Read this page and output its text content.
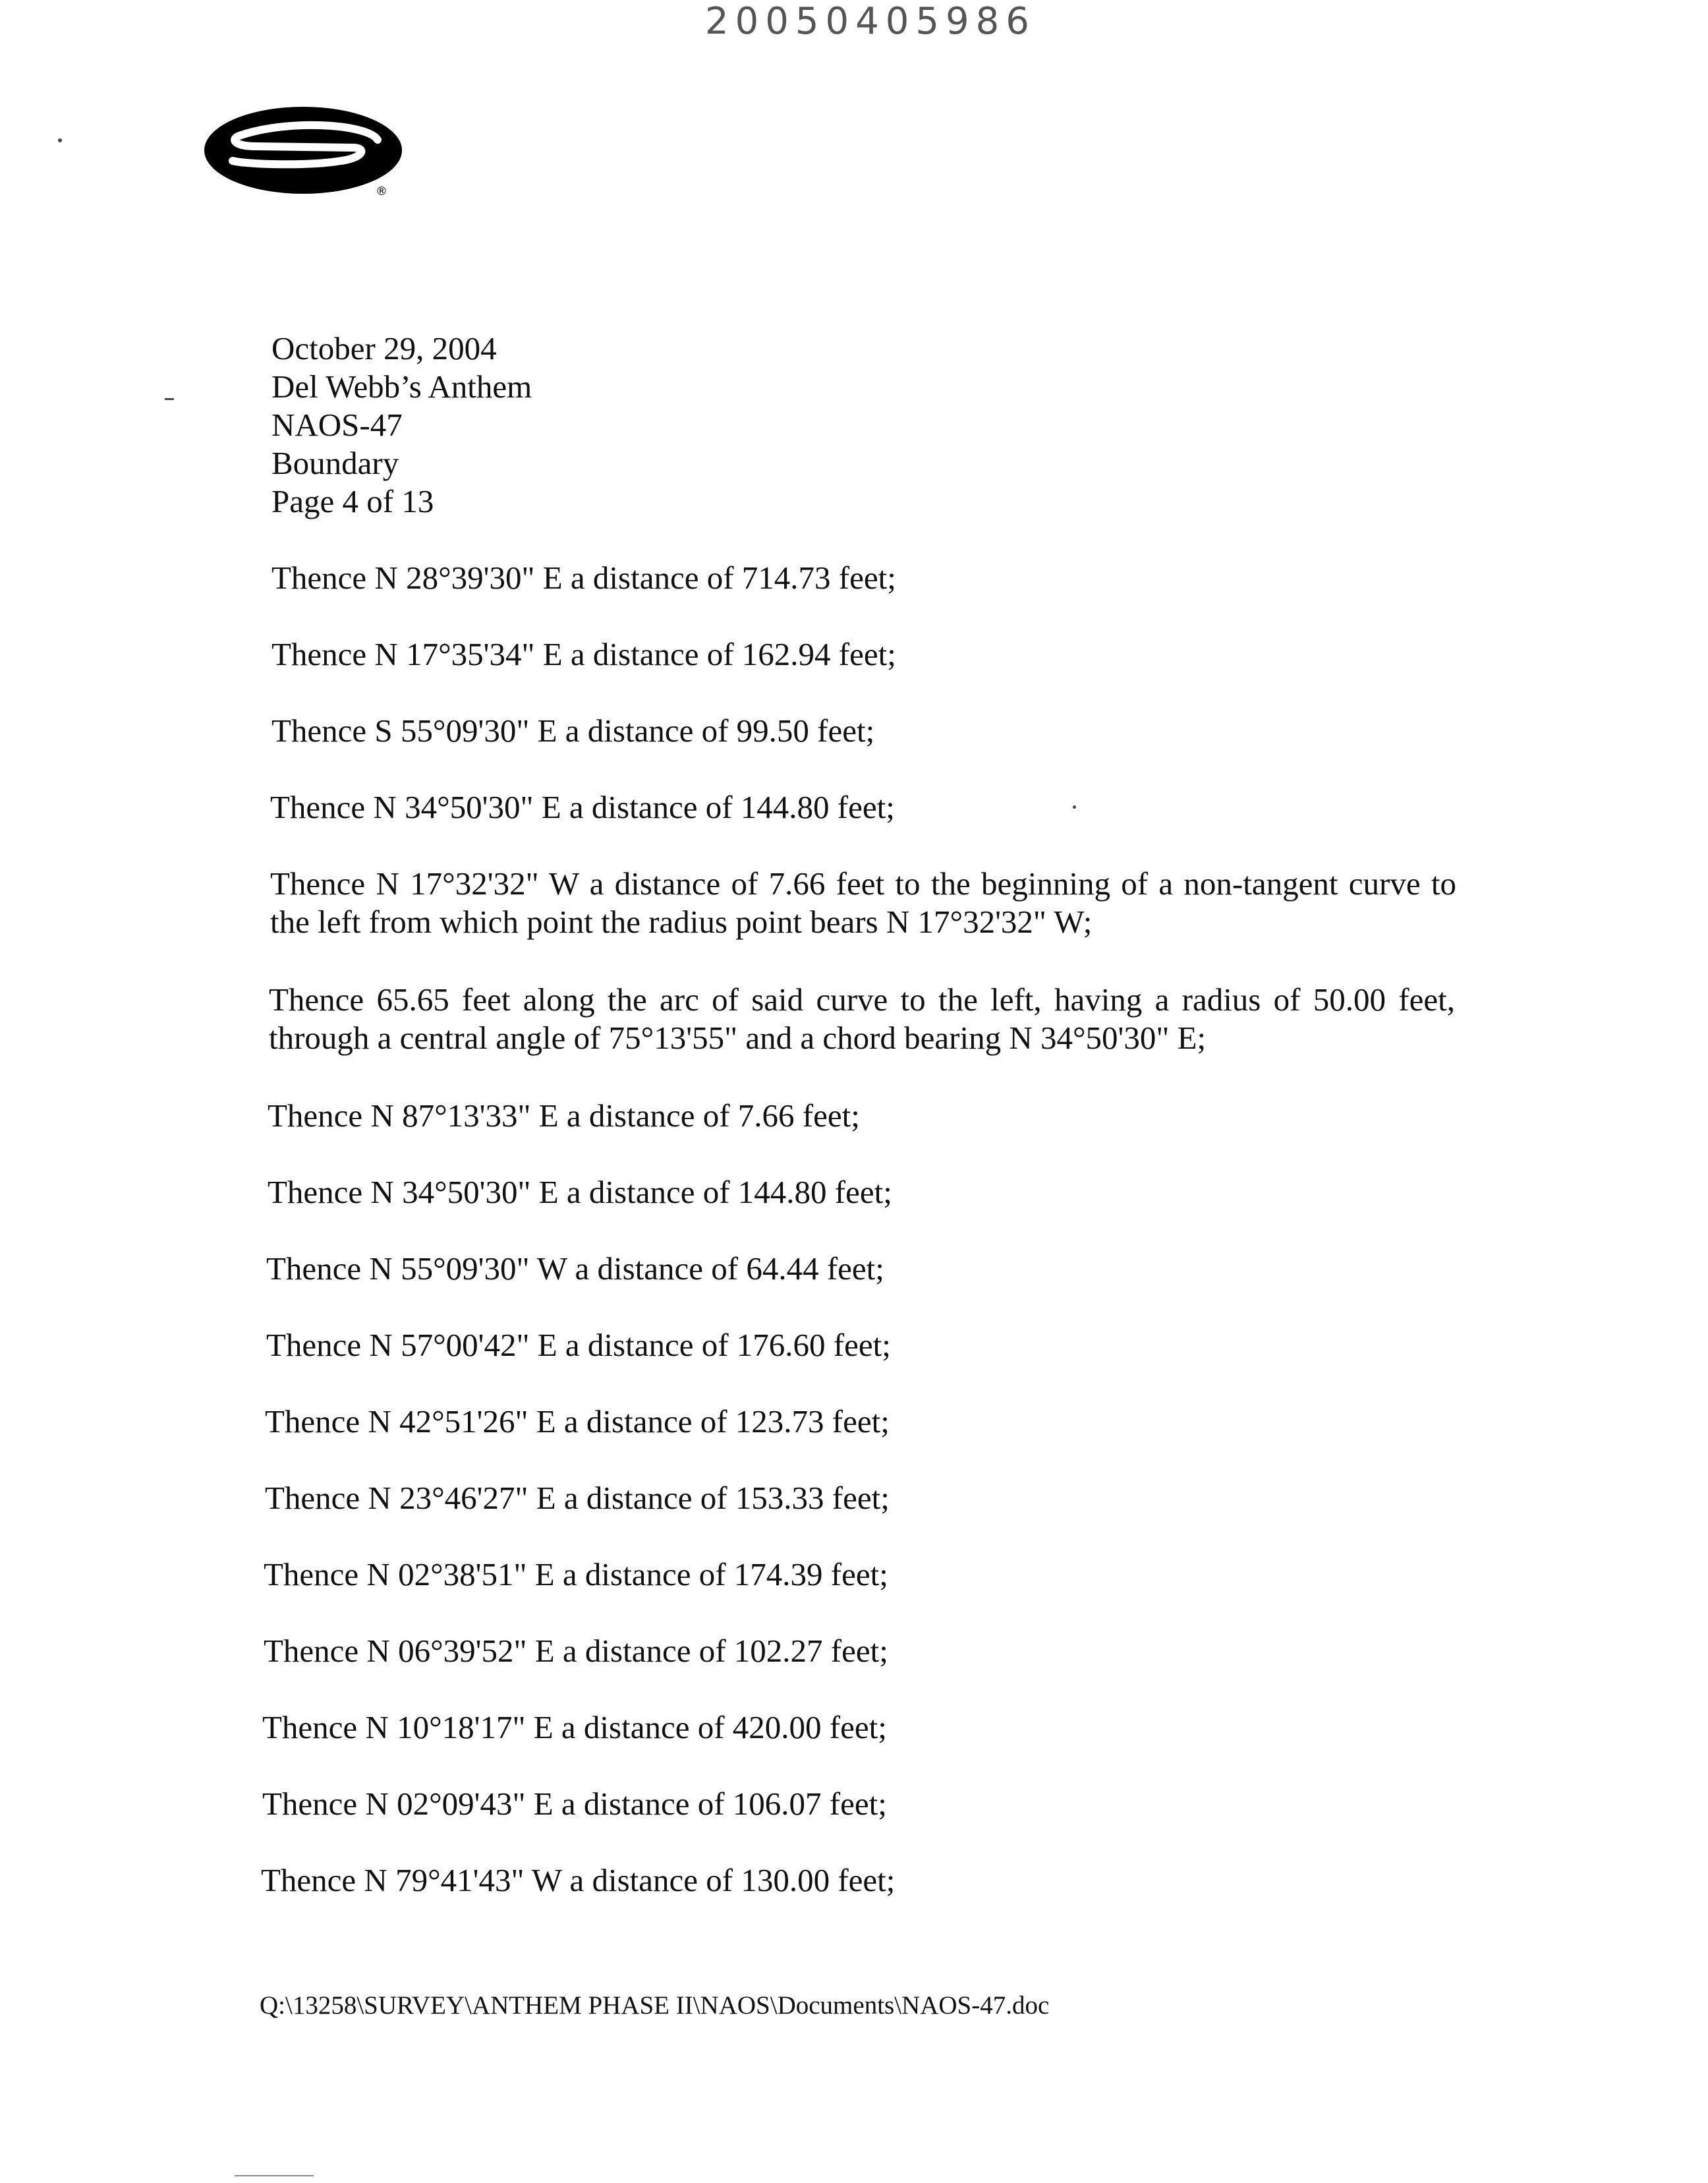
20050405986
®
October 29, 2004
Del Webb’s Anthem
NAOS-47
Boundary
Page 4 of 13
Thence N 28°39'30" E a distance of 714.73 feet;
Thence N 17°35'34" E a distance of 162.94 feet;
Thence S 55°09'30" E a distance of 99.50 feet;
Thence N 34°50'30" E a distance of 144.80 feet;
Thence N 17°32'32" W a distance of 7.66 feet to the beginning of a non-tangent curve to the left from which point the radius point bears N 17°32'32" W;
Thence 65.65 feet along the arc of said curve to the left, having a radius of 50.00 feet, through a central angle of 75°13'55" and a chord bearing N 34°50'30" E;
Thence N 87°13'33" E a distance of 7.66 feet;
Thence N 34°50'30" E a distance of 144.80 feet;
Thence N 55°09'30" W a distance of 64.44 feet;
Thence N 57°00'42" E a distance of 176.60 feet;
Thence N 42°51'26" E a distance of 123.73 feet;
Thence N 23°46'27" E a distance of 153.33 feet;
Thence N 02°38'51" E a distance of 174.39 feet;
Thence N 06°39'52" E a distance of 102.27 feet;
Thence N 10°18'17" E a distance of 420.00 feet;
Thence N 02°09'43" E a distance of 106.07 feet;
Thence N 79°41'43" W a distance of 130.00 feet;
Q:\13258\SURVEY\ANTHEM PHASE II\NAOS\Documents\NAOS-47.doc
